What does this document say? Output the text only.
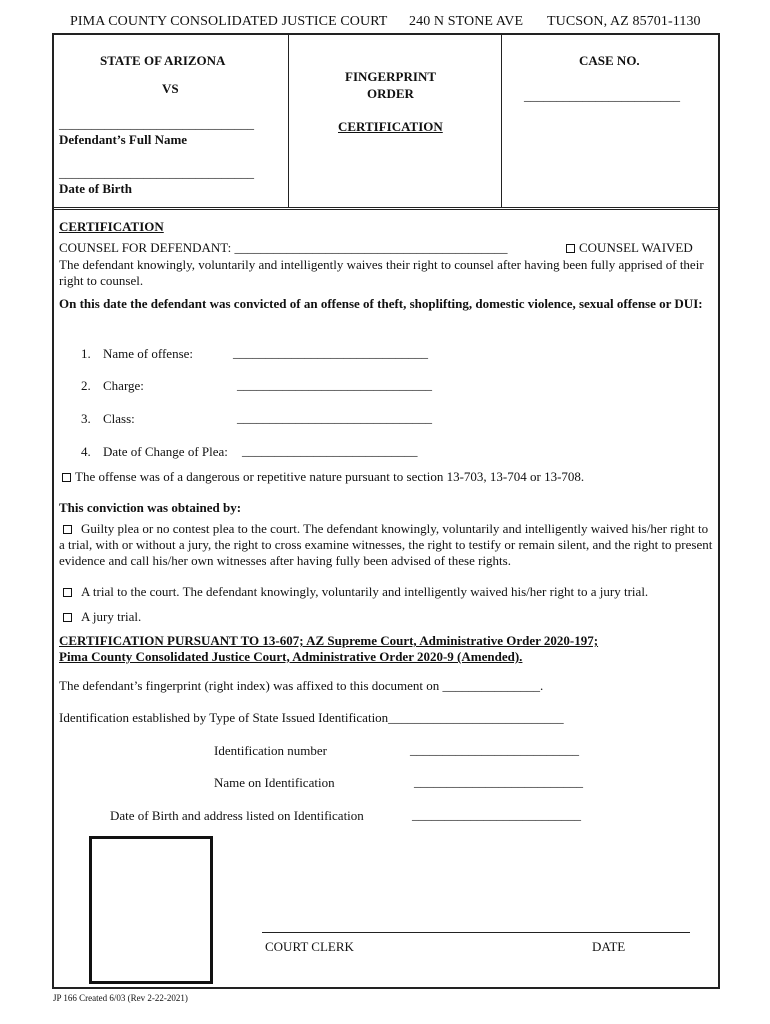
PIMA COUNTY CONSOLIDATED JUSTICE COURT 240 N STONE AVE TUCSON, AZ 85701-1130
STATE OF ARIZONA
VS
______________________________
Defendant’s Full Name
______________________________
Date of Birth
FINGERPRINT
ORDER
CERTIFICATION
CASE NO.
________________________
CERTIFICATION
COUNSEL FOR DEFENDANT: __________________________________________	COUNSEL WAIVED
The defendant knowingly, voluntarily and intelligently waives their right to counsel after having been fully apprised of their right to counsel.
On this date the defendant was convicted of an offense of theft, shoplifting, domestic violence, sexual offense or DUI:
1. Name of offense:	______________________________
2. Charge:	______________________________
3. Class:	______________________________
4. Date of Change of Plea: ___________________________
The offense was of a dangerous or repetitive nature pursuant to section 13-703, 13-704 or 13-708.
This conviction was obtained by:
Guilty plea or no contest plea to the court. The defendant knowingly, voluntarily and intelligently waived his/her right to a trial, with or without a jury, the right to cross examine witnesses, the right to testify or remain silent, and the right to present evidence and call his/her own witnesses after having fully been advised of these rights.
A trial to the court. The defendant knowingly, voluntarily and intelligently waived his/her right to a jury trial.
A jury trial.
CERTIFICATION PURSUANT TO 13-607; AZ Supreme Court, Administrative Order 2020-197;
Pima County Consolidated Justice Court, Administrative Order 2020-9 (Amended).
The defendant’s fingerprint (right index) was affixed to this document on _______________.
Identification established by Type of State Issued Identification___________________________
Identification number	__________________________
Name on Identification	__________________________
Date of Birth and address listed on Identification	__________________________
COURT CLERK	DATE
JP 166 Created 6/03 (Rev 2-22-2021)
